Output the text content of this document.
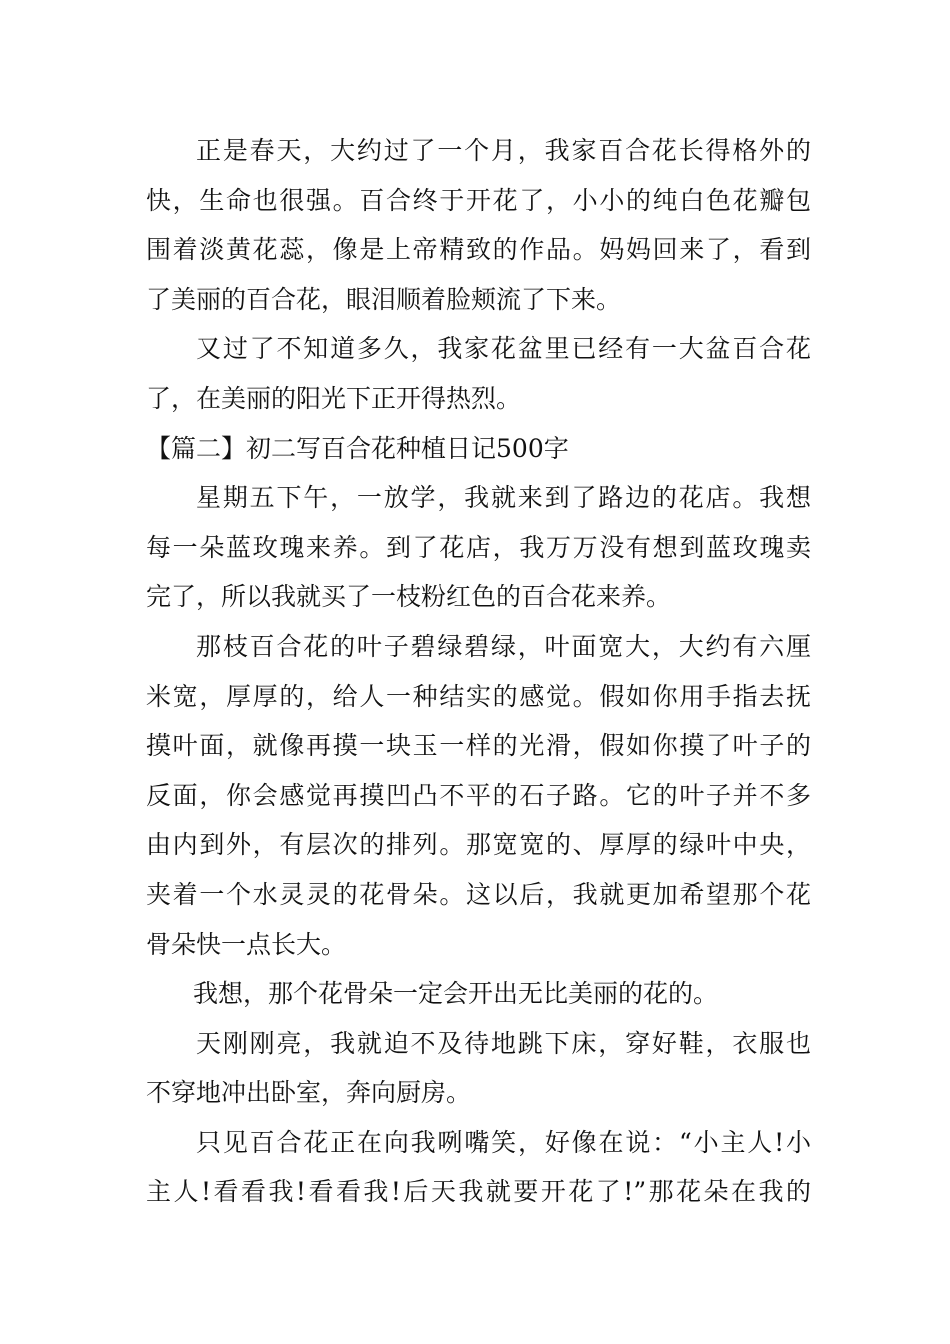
正是春天，大约过了一个月，我家百合花长得格外的
快，生命也很强。百合终于开花了，小小的纯白色花瓣包
围着淡黄花蕊，像是上帝精致的作品。妈妈回来了，看到
了美丽的百合花，眼泪顺着脸颊流了下来。
又过了不知道多久，我家花盆里已经有一大盆百合花
了，在美丽的阳光下正开得热烈。
【篇二】初二写百合花种植日记500字
星期五下午，一放学，我就来到了路边的花店。我想
每一朵蓝玫瑰来养。到了花店，我万万没有想到蓝玫瑰卖
完了，所以我就买了一枝粉红色的百合花来养。
那枝百合花的叶子碧绿碧绿，叶面宽大，大约有六厘
米宽，厚厚的，给人一种结实的感觉。假如你用手指去抚
摸叶面，就像再摸一块玉一样的光滑，假如你摸了叶子的
反面，你会感觉再摸凹凸不平的石子路。它的叶子并不多
由内到外，有层次的排列。那宽宽的、厚厚的绿叶中央，
夹着一个水灵灵的花骨朵。这以后，我就更加希望那个花
骨朵快一点长大。
我想，那个花骨朵一定会开出无比美丽的花的。
天刚刚亮，我就迫不及待地跳下床，穿好鞋，衣服也
不穿地冲出卧室，奔向厨房。
只见百合花正在向我咧嘴笑，好像在说：“小主人!小
主人!看看我!看看我!后天我就要开花了!”那花朵在我的
